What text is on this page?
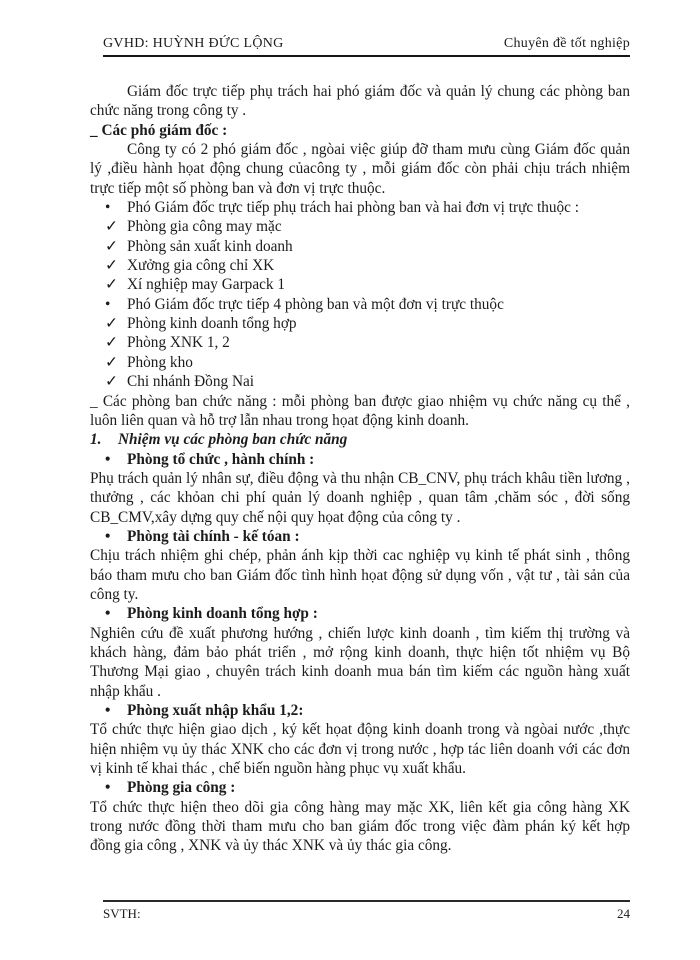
GVHD: HUỲNH ĐỨC LỘNG	Chuyên đề tốt nghiệp
Giám đốc trực tiếp phụ trách hai phó giám đốc và quản lý chung các phòng ban chức năng trong công ty .
_ Các phó giám đốc :
Công ty có 2 phó giám đốc , ngòai việc giúp đỡ tham mưu cùng Giám đốc quản lý ,điều hành họat động chung củacông ty , mỗi giám đốc còn phải chịu trách nhiệm trực tiếp một số phòng ban và đơn vị trực thuộc.
•	Phó Giám đốc trực tiếp phụ trách hai phòng ban và hai đơn vị trực thuộc :
✓ Phòng gia công may mặc
✓ Phòng sản xuất kinh doanh
✓ Xưởng gia công chỉ XK
✓ Xí nghiệp may Garpack 1
•	Phó Giám đốc trực tiếp 4 phòng ban và một đơn vị trực thuộc
✓ Phòng kinh doanh tổng hợp
✓ Phòng XNK 1, 2
✓ Phòng kho
✓ Chi nhánh Đồng Nai
_ Các phòng ban chức năng : mỗi phòng ban được giao nhiệm vụ chức năng cụ thể , luôn liên quan và hỗ trợ lẫn nhau trong họat động kinh doanh.
1.	Nhiệm vụ các phòng ban chức năng
•	Phòng tổ chức , hành chính :
Phụ trách quản lý nhân sự, điều động và thu nhận CB_CNV, phụ trách khâu tiền lương , thưởng , các khỏan chi phí quản lý doanh nghiệp , quan tâm ,chăm sóc , đời sống CB_CMV,xây dựng quy chế nội quy họat động của công ty .
•	Phòng tài chính - kế tóan :
Chịu trách nhiệm ghi chép, phản ánh kịp thời cac nghiệp vụ kinh tế phát sinh , thông báo tham mưu cho ban Giám đốc tình hình họat động sử dụng vốn , vật tư , tài sản của công ty.
•	Phòng kinh doanh tổng hợp :
Nghiên cứu đề xuất phương hướng , chiến lược kinh doanh , tìm kiếm thị trường và khách hàng, đảm bảo phát triển , mở rộng kinh doanh, thực hiện tốt nhiệm vụ Bộ Thương Mại giao , chuyên trách kinh doanh mua bán tìm kiếm các nguồn hàng xuất nhập khẩu .
•	Phòng xuất nhập khẩu 1,2:
Tổ chức thực hiện giao dịch , ký kết họat động kinh doanh trong và ngòai nước ,thực hiện nhiệm vụ ủy thác XNK cho các đơn vị trong nước , hợp tác liên doanh với các đơn vị kinh tế khai thác , chế biến nguồn hàng phục vụ xuất khẩu.
•	Phòng gia công :
Tổ chức thực hiện theo dõi gia công hàng may mặc XK, liên kết gia công hàng XK trong nước đồng thời tham mưu cho ban giám đốc trong việc đàm phán ký kết hợp đồng gia công , XNK và ủy thác XNK và ủy thác gia công.
SVTH:	24
